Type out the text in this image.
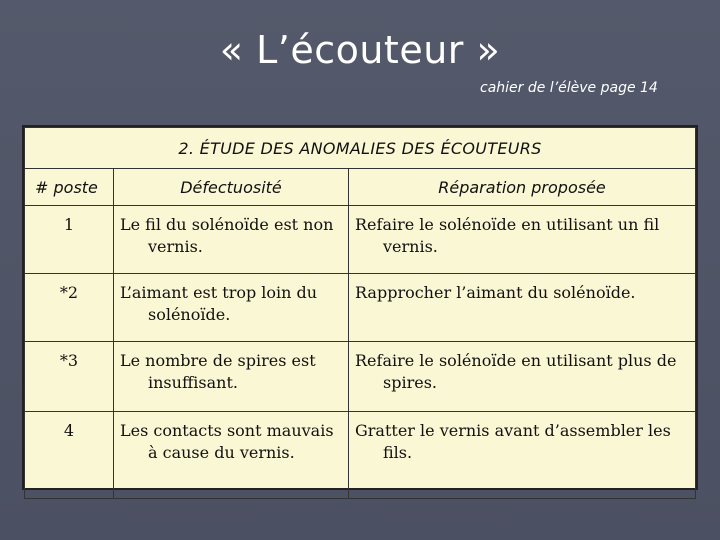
« L’écouteur »
cahier de l’élève page 14
2. ÉTUDE DES ANOMALIES DES ÉCOUTEURS		
# poste	Défectuosité	Réparation proposée
1	Le fil du solénoïde est non vernis.	Refaire le solénoïde en utilisant un fil vernis.

*2	L’aimant est trop loin du solénoïde.	Rapprocher l’aimant du solénoïde.

*3	Le nombre de spires est insuffisant.	Refaire le solénoïde en utilisant plus de spires.

4	Les contacts sont mauvais à cause du vernis.	Gratter le vernis avant d’assembler les fils.
